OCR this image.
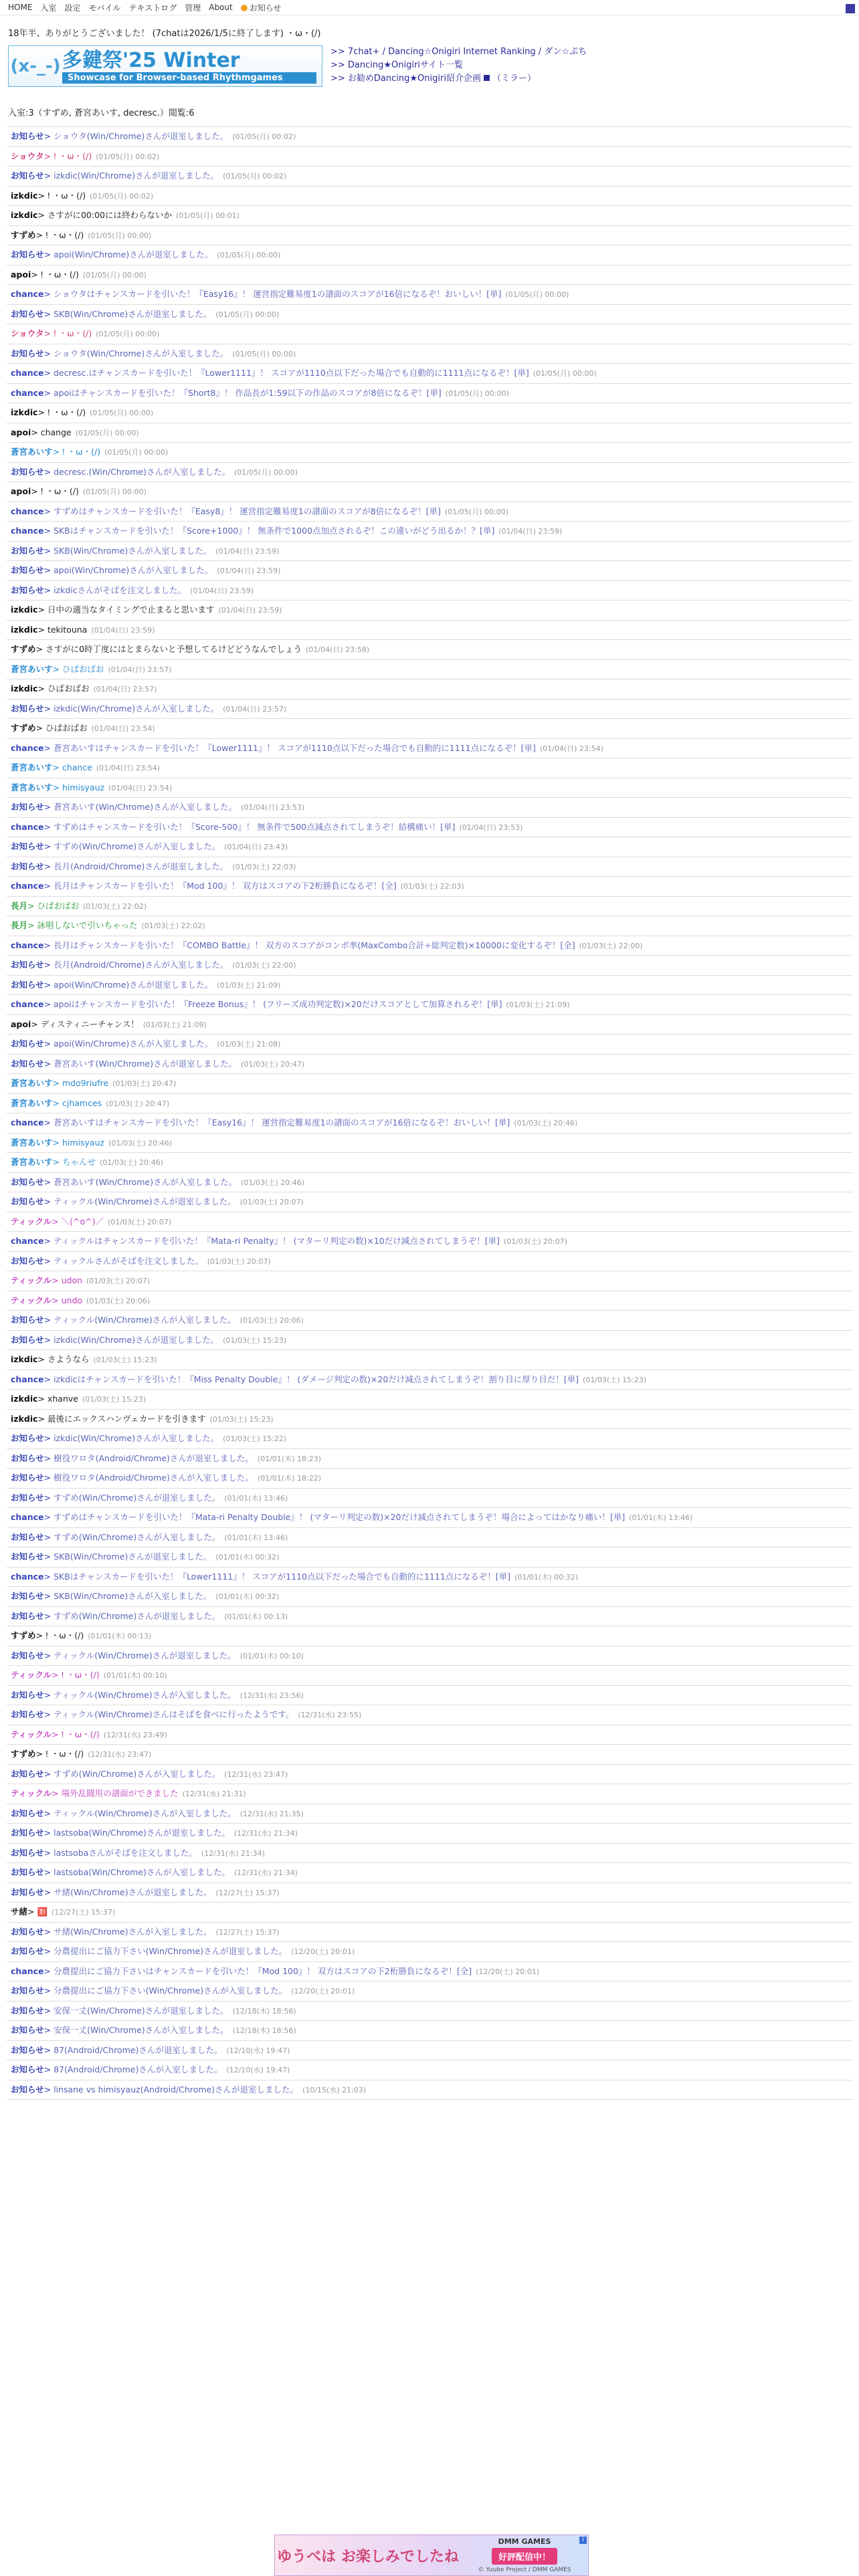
HOME 入室 設定 モバイル テキストログ 管理 About	お知らせ
18年半、ありがとうございました！ (7chatは2026/1/5に終了します) ・ω・(/)
(x-_-) 多鍵祭'25 Winter
Showcase for Browser-based Rhythmgames
>> 7chat+ / Dancing☆Onigiri Internet Ranking / ダン☆ぷち
>> Dancing★Onigiriサイト一覧
>> お勧めDancing★Onigiri紹介企画 （ミラー）
入室:3（すずめ, 蒼宮あいす, decresc.）閲覧:6
お知らせ> ショウタ(Win/Chrome)さんが退室しました。 (01/05(月) 00:02)
ショウタ> ǃ ・ω・(/) (01/05(月) 00:02)
お知らせ> izkdic(Win/Chrome)さんが退室しました。 (01/05(月) 00:02)
izkdic> ǃ ・ω・(/) (01/05(月) 00:02)
izkdic> さすがに00:00には終わらないか (01/05(月) 00:01)
すずめ> ǃ ・ω・(/) (01/05(月) 00:00)
お知らせ> apoi(Win/Chrome)さんが退室しました。 (01/05(月) 00:00)
apoi> ǃ ・ω・(/) (01/05(月) 00:00)
chance> ショウタはチャンスカードを引いた！『Easy16』！ 運営指定難易度1の譜面のスコアが16倍になるぞ！おいしい！[単] (01/05(月) 00:00)
お知らせ> SKB(Win/Chrome)さんが退室しました。 (01/05(月) 00:00)
ショウタ> ǃ ・ω・(/) (01/05(月) 00:00)
お知らせ> ショウタ(Win/Chrome)さんが入室しました。 (01/05(月) 00:00)
chance> decresc.はチャンスカードを引いた！『Lower1111』！ スコアが1110点以下だった場合でも自動的に1111点になるぞ！[単] (01/05(月) 00:00)
chance> apoiはチャンスカードを引いた！『Short8』！ 作品長が1:59以下の作品のスコアが8倍になるぞ！[単] (01/05(月) 00:00)
izkdic> ǃ ・ω・(/) (01/05(月) 00:00)
apoi> change (01/05(月) 00:00)
蒼宮あいす> ǃ ・ω・(/) (01/05(月) 00:00)
お知らせ> decresc.(Win/Chrome)さんが入室しました。 (01/05(月) 00:00)
apoi> ǃ ・ω・(/) (01/05(月) 00:00)
chance> すずめはチャンスカードを引いた！『Easy8』！ 運営指定難易度1の譜面のスコアが8倍になるぞ！[単] (01/05(月) 00:00)
chance> SKBはチャンスカードを引いた！『Score+1000』！ 無条件で1000点加点されるぞ！この違いがどう出るか！？[単] (01/04(日) 23:59)
お知らせ> SKB(Win/Chrome)さんが入室しました。 (01/04(日) 23:59)
お知らせ> apoi(Win/Chrome)さんが入室しました。 (01/04(日) 23:59)
お知らせ> izkdicさんがそばを注文しました。 (01/04(日) 23:59)
izkdic> 日中の適当なタイミングで止まると思います (01/04(日) 23:59)
izkdic> tekitouna (01/04(日) 23:59)
すずめ> さすがに0時丁度にはとまらないと予想してるけどどうなんでしょう (01/04(日) 23:58)
蒼宮あいす> ひぱおばお (01/04(日) 23:57)
izkdic> ひぱおばお (01/04(日) 23:57)
お知らせ> izkdic(Win/Chrome)さんが入室しました。 (01/04(日) 23:57)
すずめ> ひぱおばお (01/04(日) 23:54)
chance> 蒼宮あいすはチャンスカードを引いた！『Lower1111』！ スコアが1110点以下だった場合でも自動的に1111点になるぞ！[単] (01/04(日) 23:54)
蒼宮あいす> chance (01/04(日) 23:54)
蒼宮あいす> himisyauz (01/04(日) 23:54)
お知らせ> 蒼宮あいす(Win/Chrome)さんが入室しました。 (01/04(日) 23:53)
chance> すずめはチャンスカードを引いた！『Score-500』！ 無条件で500点減点されてしまうぞ！結構痛い！[単] (01/04(日) 23:53)
お知らせ> すずめ(Win/Chrome)さんが入室しました。 (01/04(日) 23:43)
お知らせ> 長月(Android/Chrome)さんが退室しました。 (01/03(土) 22:03)
chance> 長月はチャンスカードを引いた！『Mod 100』！ 双方はスコアの下2桁勝負になるぞ！[全] (01/03(土) 22:03)
長月> ひぱおばお (01/03(土) 22:02)
長月> 詠唱しないで引いちゃった (01/03(土) 22:02)
chance> 長月はチャンスカードを引いた！『COMBO Battle』！ 双方のスコアがコンボ率(MaxCombo合計÷総判定数)×10000に変化するぞ！[全] (01/03(土) 22:00)
お知らせ> 長月(Android/Chrome)さんが入室しました。 (01/03(土) 22:00)
お知らせ> apoi(Win/Chrome)さんが退室しました。 (01/03(土) 21:09)
chance> apoiはチャンスカードを引いた！『Freeze Bonus』！ (フリーズ成功判定数)×20だけスコアとして加算されるぞ！[単] (01/03(土) 21:09)
apoi> ディスティニーチャンス！ (01/03(土) 21:09)
お知らせ> apoi(Win/Chrome)さんが入室しました。 (01/03(土) 21:08)
お知らせ> 蒼宮あいす(Win/Chrome)さんが退室しました。 (01/03(土) 20:47)
蒼宮あいす> mdo9riufre (01/03(土) 20:47)
蒼宮あいす> cjhamces (01/03(土) 20:47)
chance> 蒼宮あいすはチャンスカードを引いた！『Easy16』！ 運営指定難易度1の譜面のスコアが16倍になるぞ！おいしい！[単] (01/03(土) 20:46)
蒼宮あいす> himisyauz (01/03(土) 20:46)
蒼宮あいす> ちゃんせ (01/03(土) 20:46)
お知らせ> 蒼宮あいす(Win/Chrome)さんが入室しました。 (01/03(土) 20:46)
お知らせ> ティックル(Win/Chrome)さんが退室しました。 (01/03(土) 20:07)
ティックル> ＼(^o^)／ (01/03(土) 20:07)
chance> ティックルはチャンスカードを引いた！『Mata-ri Penalty』！ (マターリ判定の数)×10だけ減点されてしまうぞ！[単] (01/03(土) 20:07)
お知らせ> ティックルさんがそばを注文しました。 (01/03(土) 20:07)
ティックル> udon (01/03(土) 20:07)
ティックル> undo (01/03(土) 20:06)
お知らせ> ティックル(Win/Chrome)さんが入室しました。 (01/03(土) 20:06)
お知らせ> izkdic(Win/Chrome)さんが退室しました。 (01/03(土) 15:23)
izkdic> さようなら (01/03(土) 15:23)
chance> izkdicはチャンスカードを引いた！『Miss Penalty Double』！ (ダメージ判定の数)×20だけ減点されてしまうぞ！割り目に厚り目だ！[単] (01/03(土) 15:23)
izkdic> xhanve (01/03(土) 15:23)
izkdic> 最後にエックスハンヴェカードを引きます (01/03(土) 15:23)
お知らせ> izkdic(Win/Chrome)さんが入室しました。 (01/03(土) 15:22)
お知らせ> 樹役ワロタ(Android/Chrome)さんが退室しました。 (01/01(木) 18:23)
お知らせ> 樹役ワロタ(Android/Chrome)さんが入室しました。 (01/01(木) 18:22)
お知らせ> すずめ(Win/Chrome)さんが退室しました。 (01/01(木) 13:46)
chance> すずめはチャンスカードを引いた！『Mata-ri Penalty Double』！ (マターリ判定の数)×20だけ減点されてしまうぞ！場合によってはかなり痛い！[単] (01/01(木) 13:46)
お知らせ> すずめ(Win/Chrome)さんが入室しました。 (01/01(木) 13:46)
お知らせ> SKB(Win/Chrome)さんが退室しました。 (01/01(木) 00:32)
chance> SKBはチャンスカードを引いた！『Lower1111』！ スコアが1110点以下だった場合でも自動的に1111点になるぞ！[単] (01/01(木) 00:32)
お知らせ> SKB(Win/Chrome)さんが入室しました。 (01/01(木) 00:32)
お知らせ> すずめ(Win/Chrome)さんが退室しました。 (01/01(木) 00:13)
すずめ> ǃ ・ω・(/) (01/01(木) 00:13)
お知らせ> ティックル(Win/Chrome)さんが退室しました。 (01/01(木) 00:10)
ティックル> ǃ ・ω・(/) (01/01(木) 00:10)
お知らせ> ティックル(Win/Chrome)さんが入室しました。 (12/31(水) 23:56)
お知らせ> ティックル(Win/Chrome)さんはそばを食べに行ったようです。 (12/31(水) 23:55)
ティックル> ǃ ・ω・(/) (12/31(水) 23:49)
すずめ> ǃ ・ω・(/) (12/31(水) 23:47)
お知らせ> すずめ(Win/Chrome)さんが入室しました。 (12/31(水) 23:47)
ティックル> 場外乱闘用の譜面ができました (12/31(水) 21:31)
お知らせ> ティックル(Win/Chrome)さんが入室しました。 (12/31(水) 21:35)
お知らせ> lastsoba(Win/Chrome)さんが退室しました。 (12/31(水) 21:34)
お知らせ> lastsobaさんがそばを注文しました。 (12/31(水) 21:34)
お知らせ> lastsoba(Win/Chrome)さんが入室しました。 (12/31(水) 21:34)
お知らせ> サ緒(Win/Chrome)さんが退室しました。 (12/27(土) 15:37)
サ緒> 🈹 (12/27(土) 15:37)
お知らせ> サ緒(Win/Chrome)さんが入室しました。 (12/27(土) 15:37)
お知らせ> 分農提出にご協力下さい(Win/Chrome)さんが退室しました。 (12/20(土) 20:01)
chance> 分農提出にご協力下さいはチャンスカードを引いた！『Mod 100』！ 双方はスコアの下2桁勝負になるぞ！[全] (12/20(土) 20:01)
お知らせ> 分農提出にご協力下さい(Win/Chrome)さんが入室しました。 (12/20(土) 20:01)
お知らせ> 安保一丈(Win/Chrome)さんが退室しました。 (12/18(木) 18:56)
お知らせ> 安保一丈(Win/Chrome)さんが入室しました。 (12/18(木) 18:56)
お知らせ> 87(Android/Chrome)さんが退室しました。 (12/10(水) 19:47)
お知らせ> 87(Android/Chrome)さんが入室しました。 (12/10(水) 19:47)
お知らせ> linsane vs himisyauz(Android/Chrome)さんが退室しました。 (10/15(水) 21:03)
ゆうべは お楽しみでしたね
DMM GAMES
好評配信中！
© Yuube Project / DMM GAMES
i
